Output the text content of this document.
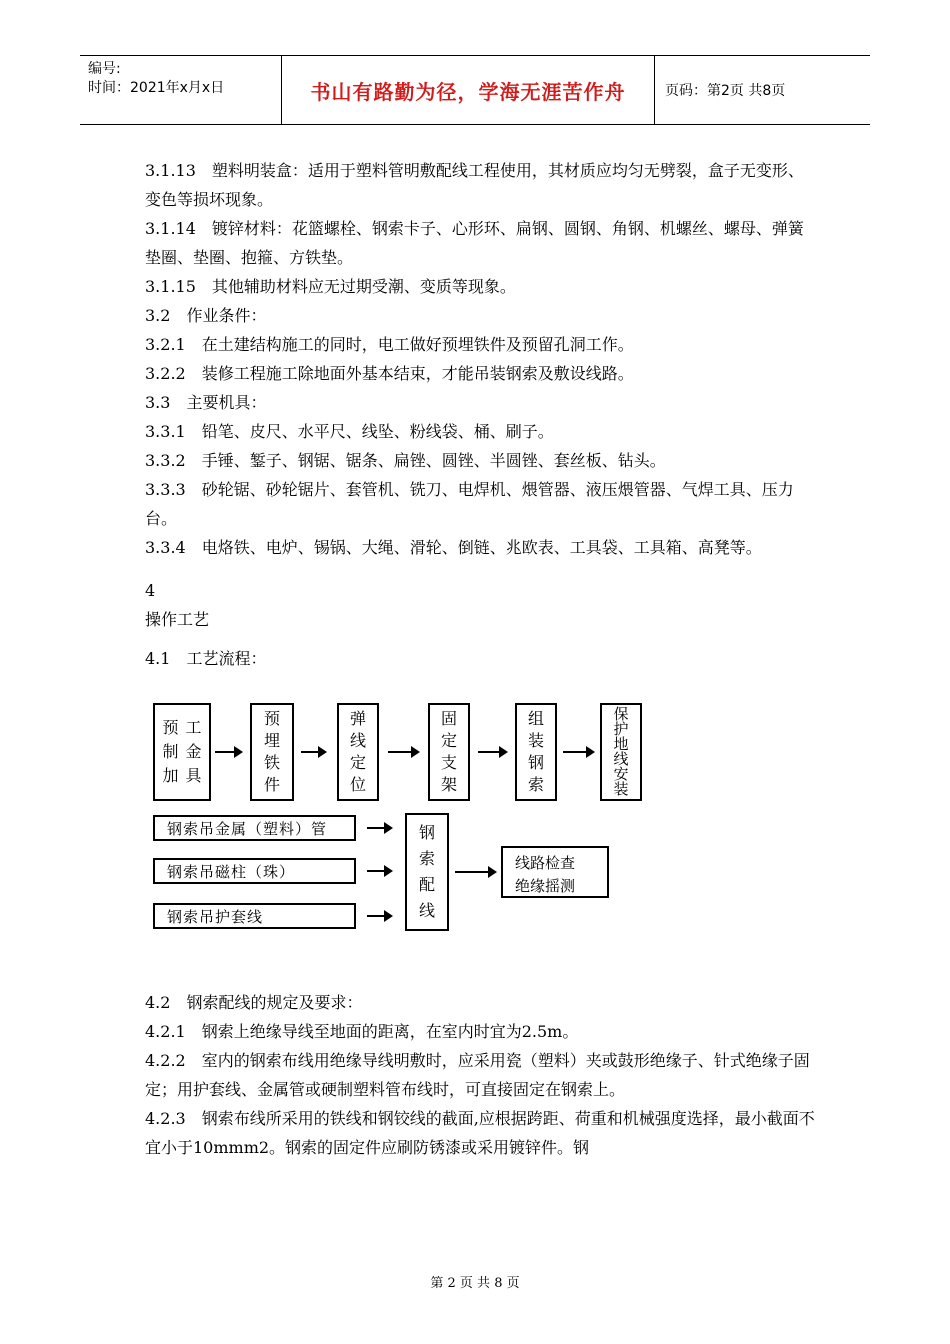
编号:
时间：2021年x月x日	书山有路勤为径，学海无涯苦作舟	页码：第2页 共8页

3.1.13　塑料明装盒：适用于塑料管明敷配线工程使用，其材质应均匀无劈裂，盒子无变形、变色等损坏现象。

3.1.14　镀锌材料：花篮螺栓、钢索卡子、心形环、扁钢、圆钢、角钢、机螺丝、螺母、弹簧垫圈、垫圈、抱箍、方铁垫。

3.1.15　其他辅助材料应无过期受潮、变质等现象。

3.2　作业条件：

3.2.1　在土建结构施工的同时，电工做好预埋铁件及预留孔洞工作。

3.2.2　装修工程施工除地面外基本结束，才能吊装钢索及敷设线路。

3.3　主要机具：

3.3.1　铅笔、皮尺、水平尺、线坠、粉线袋、桶、刷子。

3.3.2　手锤、錾子、钢锯、锯条、扁锉、圆锉、半圆锉、套丝板、钻头。

3.3.3　砂轮锯、砂轮锯片、套管机、铣刀、电焊机、煨管器、液压煨管器、气焊工具、压力台。

3.3.4　电烙铁、电炉、锡锅、大绳、滑轮、倒链、兆欧表、工具袋、工具箱、高凳等。

4

操作工艺

4.1　工艺流程：

预
制
加
工
金
具
预
埋
铁
件
弹
线
定
位
固
定
支
架
组
装
钢
索
保
护
地
线
安
装
钢索吊金属（塑料）管
钢索吊磁柱（珠）
钢索吊护套线
钢
索
配
线
线路检查
绝缘摇测

4.2　钢索配线的规定及要求：

4.2.1　钢索上绝缘导线至地面的距离，在室内时宜为2.5m。

4.2.2　室内的钢索布线用绝缘导线明敷时，应采用瓷（塑料）夹或鼓形绝缘子、针式绝缘子固定；用护套线、金属管或硬制塑料管布线时，可直接固定在钢索上。

4.2.3　钢索布线所采用的铁线和钢铰线的截面,应根据跨距、荷重和机械强度选择，最小截面不宜小于10mmm2。钢索的固定件应刷防锈漆或采用镀锌件。钢

第 2 页 共 8 页
